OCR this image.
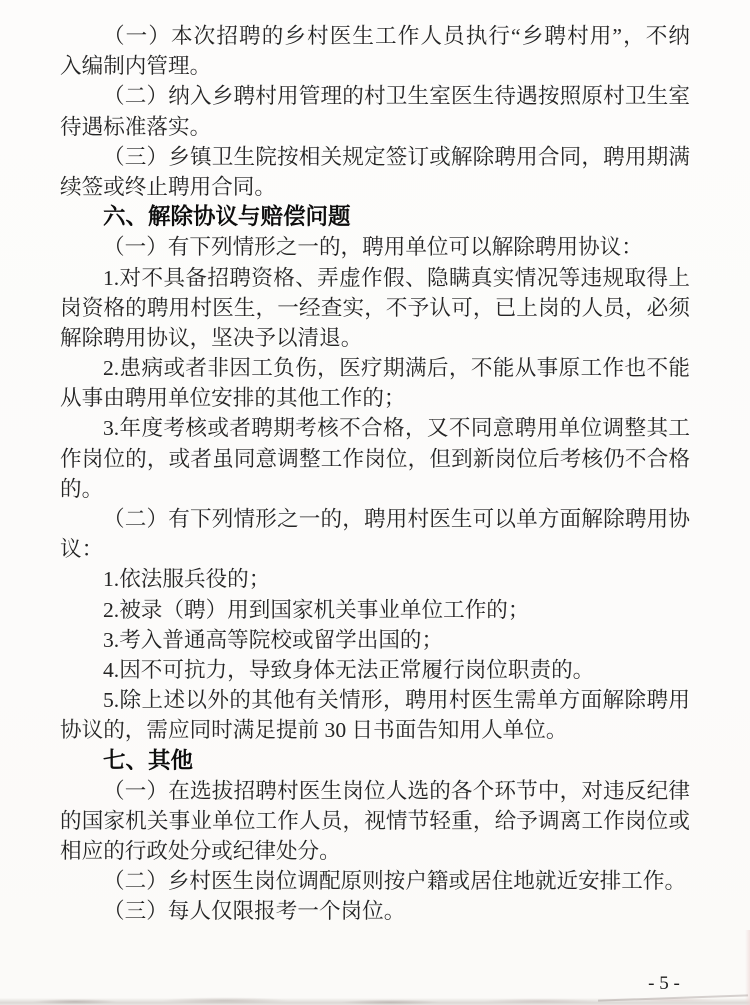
（一）本次招聘的乡村医生工作人员执行“乡聘村用”，不纳
入编制内管理。
（二）纳入乡聘村用管理的村卫生室医生待遇按照原村卫生室
待遇标准落实。
（三）乡镇卫生院按相关规定签订或解除聘用合同，聘用期满
续签或终止聘用合同。
六、解除协议与赔偿问题
（一）有下列情形之一的，聘用单位可以解除聘用协议：
1.对不具备招聘资格、弄虚作假、隐瞒真实情况等违规取得上
岗资格的聘用村医生，一经查实，不予认可，已上岗的人员，必须
解除聘用协议，坚决予以清退。
2.患病或者非因工负伤，医疗期满后，不能从事原工作也不能
从事由聘用单位安排的其他工作的；
3.年度考核或者聘期考核不合格，又不同意聘用单位调整其工
作岗位的，或者虽同意调整工作岗位，但到新岗位后考核仍不合格
的。
（二）有下列情形之一的，聘用村医生可以单方面解除聘用协
议：
1.依法服兵役的；
2.被录（聘）用到国家机关事业单位工作的；
3.考入普通高等院校或留学出国的；
4.因不可抗力，导致身体无法正常履行岗位职责的。
5.除上述以外的其他有关情形，聘用村医生需单方面解除聘用
协议的，需应同时满足提前 30 日书面告知用人单位。
七、其他
（一）在选拔招聘村医生岗位人选的各个环节中，对违反纪律
的国家机关事业单位工作人员，视情节轻重，给予调离工作岗位或
相应的行政处分或纪律处分。
（二）乡村医生岗位调配原则按户籍或居住地就近安排工作。
（三）每人仅限报考一个岗位。
- 5 -
